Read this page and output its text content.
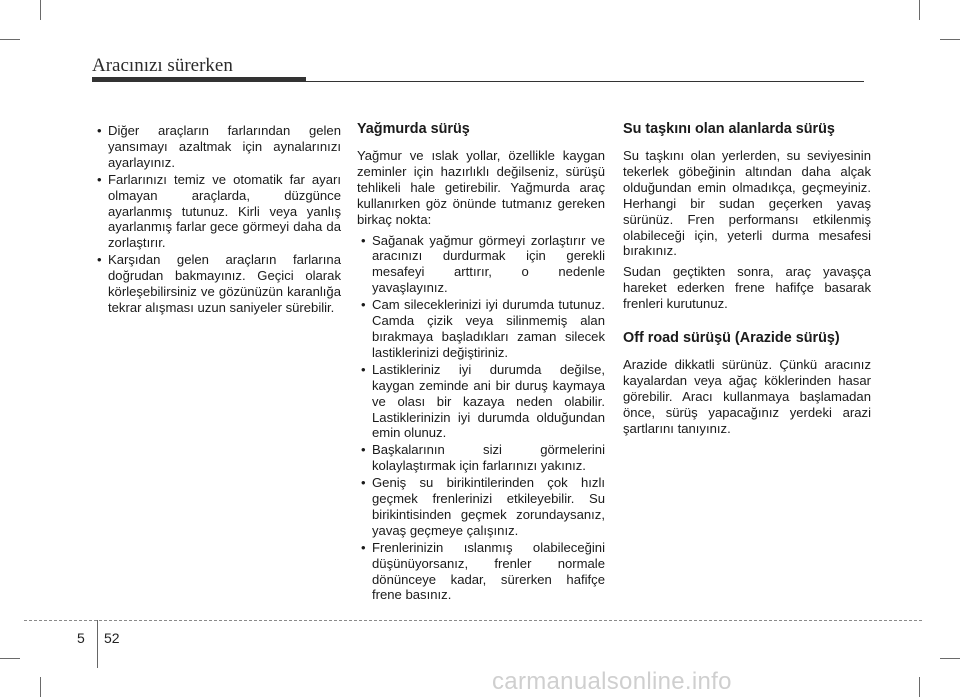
Aracınızı sürerken
• Diğer araçların farlarından gelen yansımayı azaltmak için aynalarınızı ayarlayınız.
• Farlarınızı temiz ve otomatik far ayarı olmayan araçlarda, düzgünce ayarlanmış tutunuz. Kirli veya yanlış ayarlanmış farlar gece görmeyi daha da zorlaştırır.
• Karşıdan gelen araçların farlarına doğrudan bakmayınız. Geçici olarak körleşebilirsiniz ve gözünüzün karanlığa tekrar alışması uzun saniyeler sürebilir.
Yağmurda sürüş

Yağmur ve ıslak yollar, özellikle kaygan zeminler için hazırlıklı değilseniz, sürüşü tehlikeli hale getirebilir. Yağmurda araç kullanırken göz önünde tutmanız gereken birkaç nokta:

• Sağanak yağmur görmeyi zorlaştırır ve aracınızı durdurmak için gerekli mesafeyi arttırır, o nedenle yavaşlayınız.
• Cam sileceklerinizi iyi durumda tutunuz. Camda çizik veya silinmemiş alan bırakmaya başladıkları zaman silecek lastiklerinizi değiştiriniz.
• Lastikleriniz iyi durumda değilse, kaygan zeminde ani bir duruş kaymaya ve olası bir kazaya neden olabilir. Lastiklerinizin iyi durumda olduğundan emin olunuz.
• Başkalarının sizi görmelerini kolaylaştırmak için farlarınızı yakınız.
• Geniş su birikintilerinden çok hızlı geçmek frenlerinizi etkileyebilir. Su birikintisinden geçmek zorundaysanız, yavaş geçmeye çalışınız.
• Frenlerinizin ıslanmış olabileceğini düşünüyorsanız, frenler normale dönünceye kadar, sürerken hafifçe frene basınız.
Su taşkını olan alanlarda sürüş

Su taşkını olan yerlerden, su seviyesinin tekerlek göbeğinin altından daha alçak olduğundan emin olmadıkça, geçmeyiniz. Herhangi bir sudan geçerken yavaş sürünüz. Fren performansı etkilenmiş olabileceği için, yeterli durma mesafesi bırakınız.

Sudan geçtikten sonra, araç yavaşça hareket ederken frene hafifçe basarak frenleri kurutunuz.

Off road sürüşü (Arazide sürüş)

Arazide dikkatli sürünüz. Çünkü aracınız kayalardan veya ağaç köklerinden hasar görebilir. Aracı kullanmaya başlamadan önce, sürüş yapacağınız yerdeki arazi şartlarını tanıyınız.

5 52
carmanualsonline.info
